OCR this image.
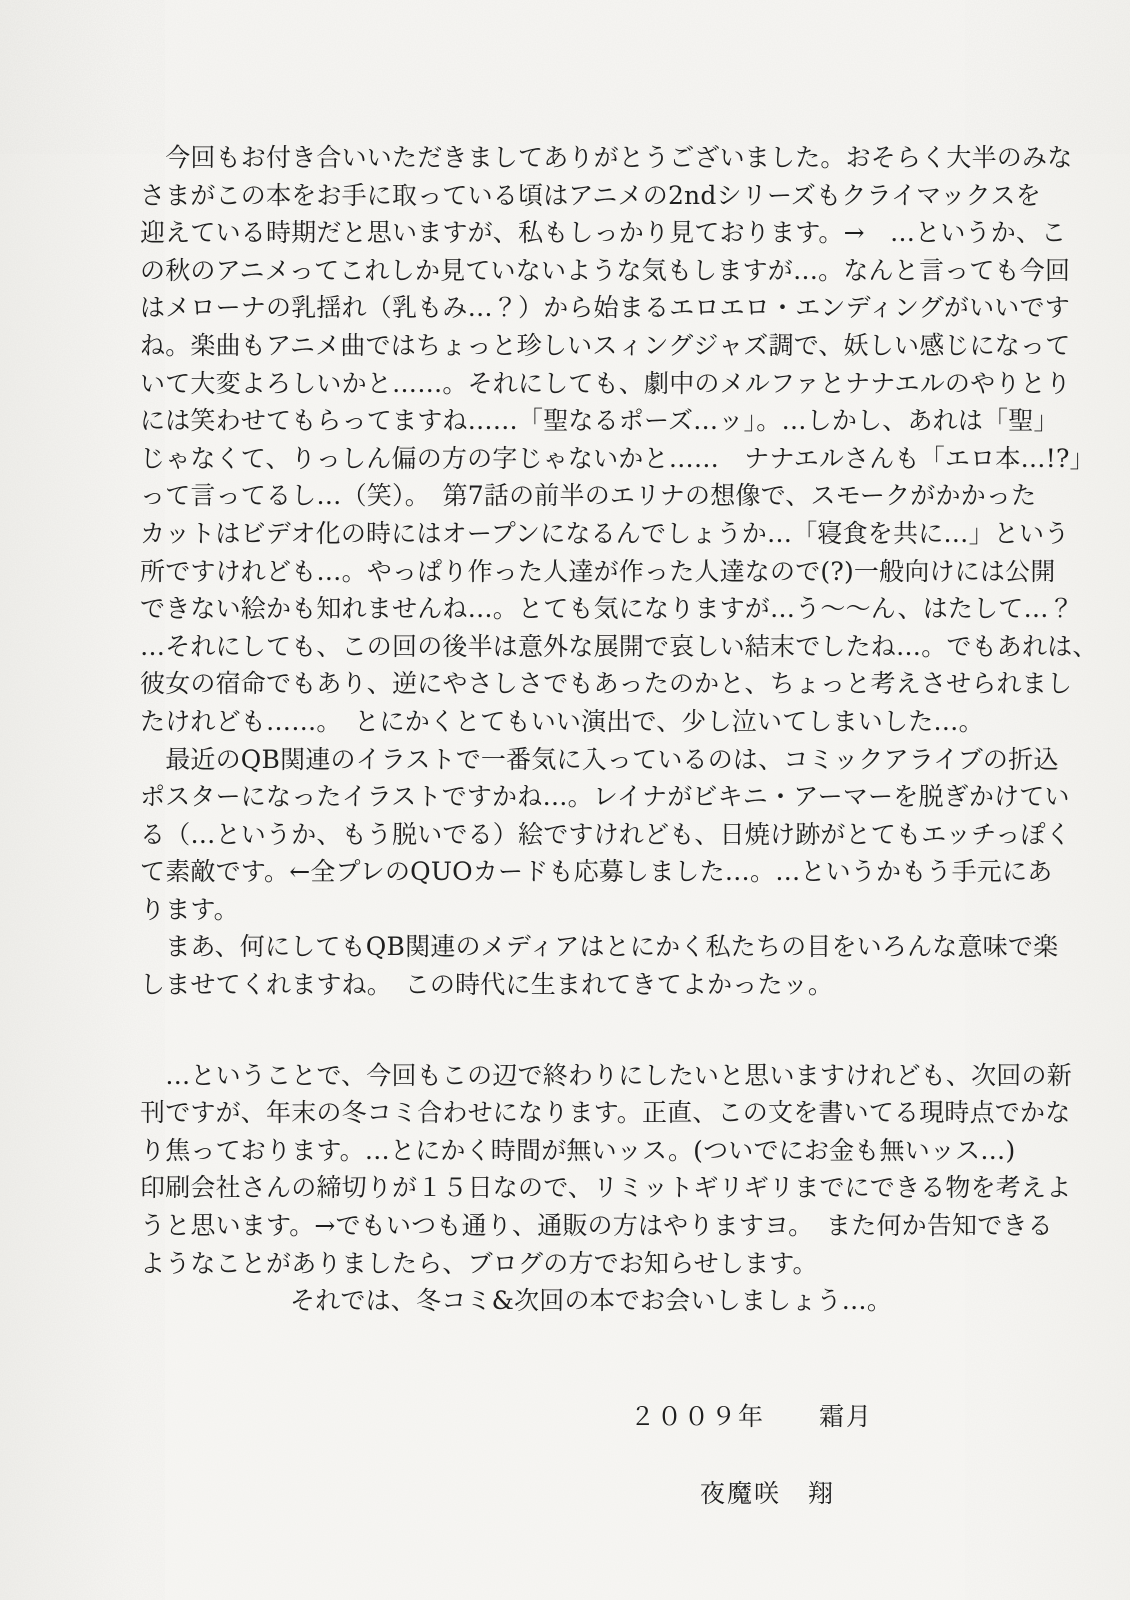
　今回もお付き合いいただきましてありがとうございました。おそらく大半のみな
さまがこの本をお手に取っている頃はアニメの2ndシリーズもクライマックスを
迎えている時期だと思いますが、私もしっかり見ております。→　…というか、こ
の秋のアニメってこれしか見ていないような気もしますが…。なんと言っても今回
はメローナの乳揺れ（乳もみ…？）から始まるエロエロ・エンディングがいいです
ね。楽曲もアニメ曲ではちょっと珍しいスィングジャズ調で、妖しい感じになって
いて大変よろしいかと……。それにしても、劇中のメルファとナナエルのやりとり
には笑わせてもらってますね……「聖なるポーズ…ッ」。…しかし、あれは「聖」
じゃなくて、りっしん偏の方の字じゃないかと……　ナナエルさんも「エロ本…!?」
って言ってるし…（笑）。　第7話の前半のエリナの想像で、スモークがかかった
カットはビデオ化の時にはオープンになるんでしょうか…「寝食を共に…」という
所ですけれども…。やっぱり作った人達が作った人達なので(?)一般向けには公開
できない絵かも知れませんね…。とても気になりますが…う～～ん、はたして…？
…それにしても、この回の後半は意外な展開で哀しい結末でしたね…。でもあれは、
彼女の宿命でもあり、逆にやさしさでもあったのかと、ちょっと考えさせられまし
たけれども……。　とにかくとてもいい演出で、少し泣いてしまいした…。
　最近のQB関連のイラストで一番気に入っているのは、コミックアライブの折込
ポスターになったイラストですかね…。レイナがビキニ・アーマーを脱ぎかけてい
る（…というか、もう脱いでる）絵ですけれども、日焼け跡がとてもエッチっぽく
て素敵です。←全プレのQUOカードも応募しました…。…というかもう手元にあ
ります。
　まあ、何にしてもQB関連のメディアはとにかく私たちの目をいろんな意味で楽
しませてくれますね。　この時代に生まれてきてよかったッ。
　…ということで、今回もこの辺で終わりにしたいと思いますけれども、次回の新
刊ですが、年末の冬コミ合わせになります。正直、この文を書いてる現時点でかな
り焦っております。…とにかく時間が無いッス。(ついでにお金も無いッス…)
印刷会社さんの締切りが１５日なので、リミットギリギリまでにできる物を考えよ
うと思います。→でもいつも通り、通販の方はやりますヨ。　また何か告知できる
ようなことがありましたら、ブログの方でお知らせします。
それでは、冬コミ&次回の本でお会いしましょう…。
２００９年　　霜月
夜魔咲　翔
